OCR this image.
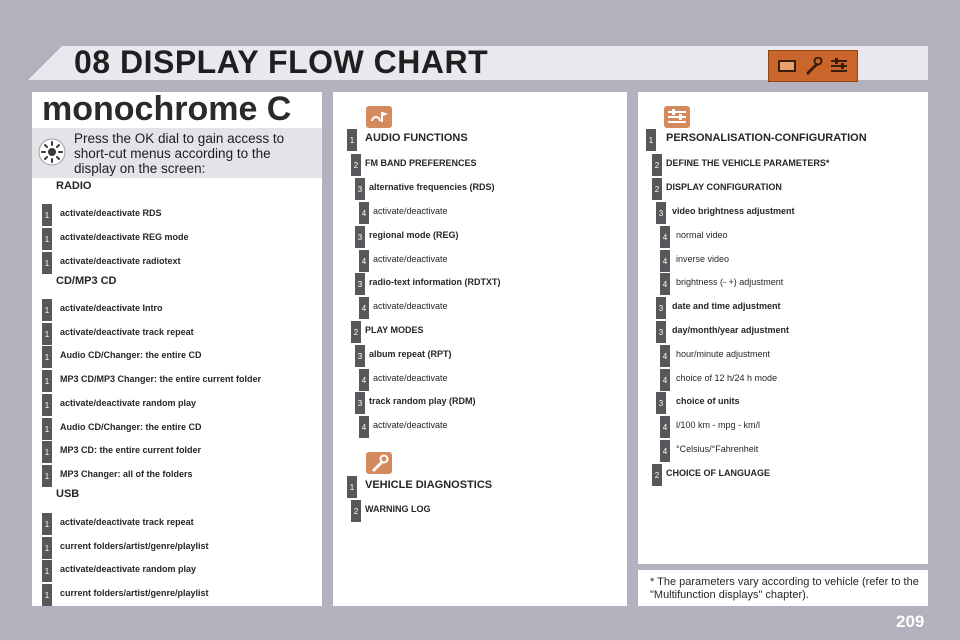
08 DISPLAY FLOW CHART
monochrome C
Press the OK dial to gain access to short-cut menus according to the display on the screen:
RADIO
1	activate/deactivate RDS
1	activate/deactivate REG mode
1	activate/deactivate radiotext
CD/MP3 CD
1	activate/deactivate Intro
1	activate/deactivate track repeat
1	Audio CD/Changer: the entire CD
1	MP3 CD/MP3 Changer: the entire current folder
1	activate/deactivate random play
1	Audio CD/Changer: the entire CD
1	MP3 CD: the entire current folder
1	MP3 Changer: all of the folders
USB
1	activate/deactivate track repeat
1	current folders/artist/genre/playlist
1	activate/deactivate random play
1	current folders/artist/genre/playlist
1 AUDIO FUNCTIONS
2 FM BAND PREFERENCES
3 alternative frequencies (RDS)
4 activate/deactivate
3 regional mode (REG)
4 activate/deactivate
3 radio-text information (RDTXT)
4 activate/deactivate
2 PLAY MODES
3 album repeat (RPT)
4 activate/deactivate
3 track random play (RDM)
4 activate/deactivate
1 VEHICLE DIAGNOSTICS
2 WARNING LOG
1 PERSONALISATION-CONFIGURATION
2 DEFINE THE VEHICLE PARAMETERS*
2 DISPLAY CONFIGURATION
3 video brightness adjustment
4 normal video
4 inverse video
4 brightness (- +) adjustment
3 date and time adjustment
3 day/month/year adjustment
4 hour/minute adjustment
4 choice of 12 h/24 h mode
3	choice of units
4 l/100 km - mpg - km/l
4 °Celsius/°Fahrenheit
2 CHOICE OF LANGUAGE
* The parameters vary according to vehicle (refer to the "Multifunction displays" chapter).
209
